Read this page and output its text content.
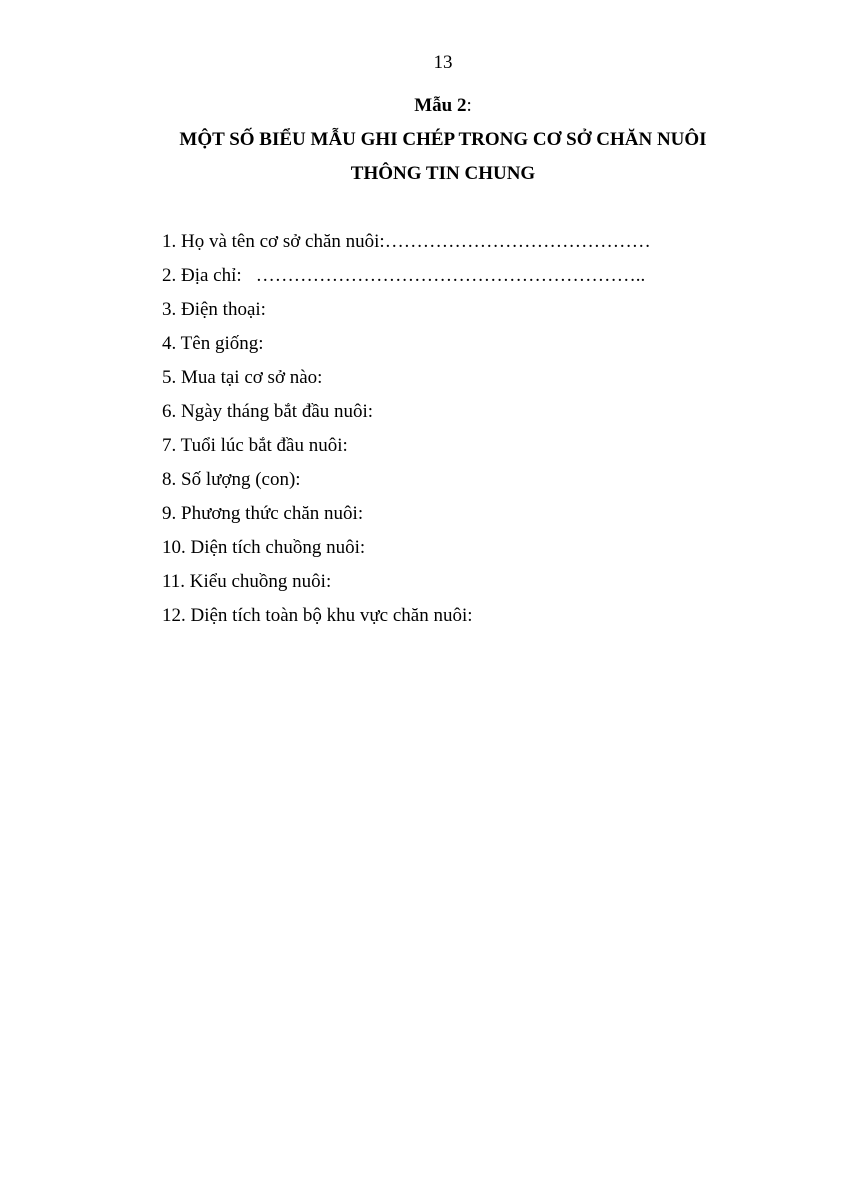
13
Mẫu 2:
MỘT SỐ BIỂU MẪU GHI CHÉP TRONG CƠ SỞ CHĂN NUÔI
THÔNG TIN CHUNG
1. Họ và tên cơ sở chăn nuôi:……………………………………
2. Địa chỉ: ……………………………………………………..
3. Điện thoại:
4. Tên giống:
5. Mua tại cơ sở nào:
6. Ngày tháng bắt đầu nuôi:
7. Tuổi lúc bắt đầu nuôi:
8. Số lượng (con):
9. Phương thức chăn nuôi:
10. Diện tích chuồng nuôi:
11. Kiểu chuồng nuôi:
12. Diện tích toàn bộ khu vực chăn nuôi:
